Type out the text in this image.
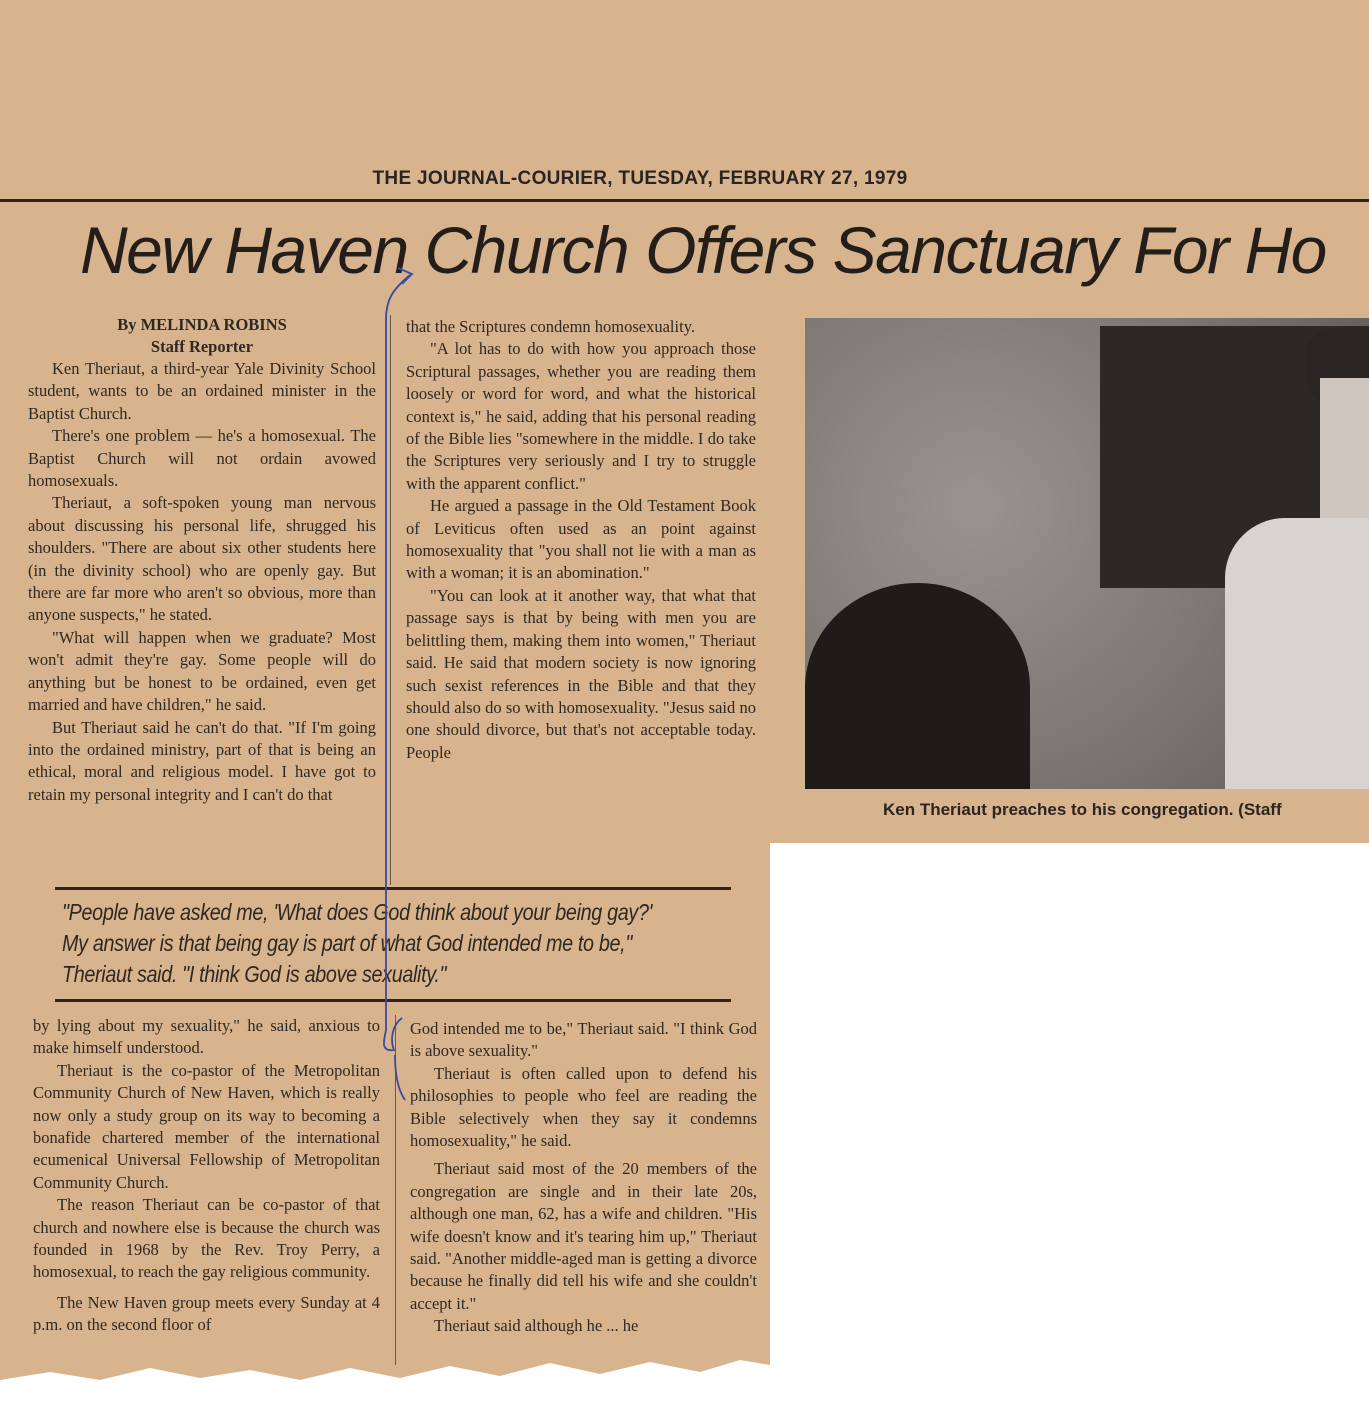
THE JOURNAL-COURIER, TUESDAY, FEBRUARY 27, 1979
New Haven Church Offers Sanctuary For Ho
By MELINDA ROBINS
Staff Reporter

Ken Theriaut, a third-year Yale Divinity School student, wants to be an ordained minister in the Baptist Church.

There's one problem — he's a homosexual. The Baptist Church will not ordain avowed homosexuals.

Theriaut, a soft-spoken young man nervous about discussing his personal life, shrugged his shoulders. "There are about six other students here (in the divinity school) who are openly gay. But there are far more who aren't so obvious, more than anyone suspects," he stated.

"What will happen when we graduate? Most won't admit they're gay. Some people will do anything but be honest to be ordained, even get married and have children," he said.

But Theriaut said he can't do that. "If I'm going into the ordained ministry, part of that is being an ethical, moral and religious model. I have got to retain my personal integrity and I can't do that

that the Scriptures condemn homosexuality.

"A lot has to do with how you approach those Scriptural passages, whether you are reading them loosely or word for word, and what the historical context is," he said, adding that his personal reading of the Bible lies "somewhere in the middle. I do take the Scriptures very seriously and I try to struggle with the apparent conflict."

He argued a passage in the Old Testament Book of Leviticus often used as an point against homosexuality that "you shall not lie with a man as with a woman; it is an abomination."

"You can look at it another way, that what that passage says is that by being with men you are belittling them, making them into women," Theriaut said. He said that modern society is now ignoring such sexist references in the Bible and that they should also do so with homosexuality. "Jesus said no one should divorce, but that's not acceptable today. People

"People have asked me, 'What does God think about your being gay?'
My answer is that being gay is part of what God intended me to be,"
Theriaut said. "I think God is above sexuality."

by lying about my sexuality," he said, anxious to make himself understood.

Theriaut is the co-pastor of the Metropolitan Community Church of New Haven, which is really now only a study group on its way to becoming a bonafide chartered member of the international ecumenical Universal Fellowship of Metropolitan Community Church.

The reason Theriaut can be co-pastor of that church and nowhere else is because the church was founded in 1968 by the Rev. Troy Perry, a homosexual, to reach the gay religious community.

The New Haven group meets every Sunday at 4 p.m. on the second floor of

God intended me to be," Theriaut said. "I think God is above sexuality."

Theriaut is often called upon to defend his philosophies to people who feel are reading the Bible selectively when they say it condemns homosexuality," he said.

Theriaut said most of the 20 members of the congregation are single and in their late 20s, although one man, 62, has a wife and children. "His wife doesn't know and it's tearing him up," Theriaut said. "Another middle-aged man is getting a divorce because he finally did tell his wife and she couldn't accept it."

Theriaut said although he ... he

Ken Theriaut preaches to his congregation. (Staff
